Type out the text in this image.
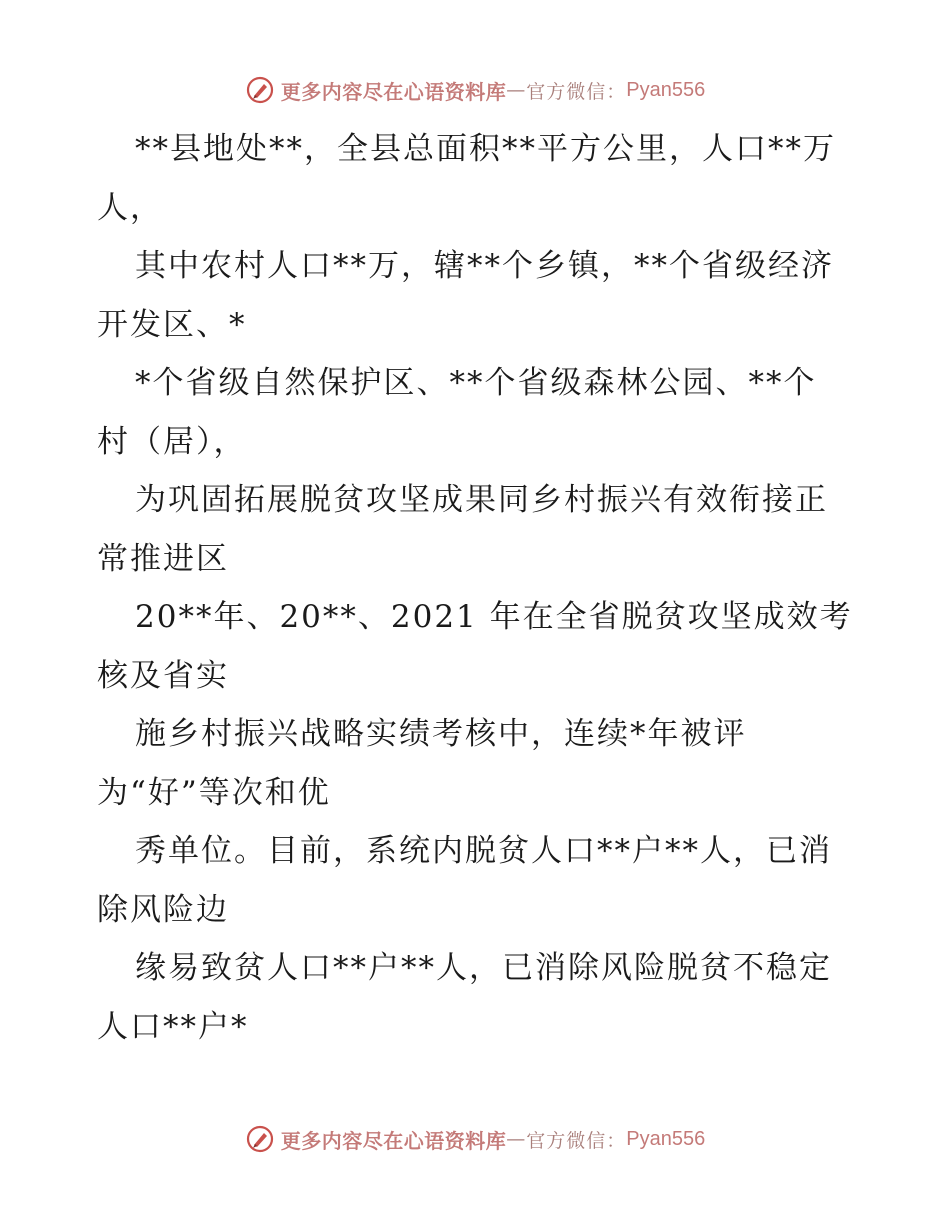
更多内容尽在心语资料库 — 官方微信： Pyan556
**县地处**，全县总面积**平方公里，人口**万
人，
其中农村人口**万，辖**个乡镇，**个省级经济
开发区、*
*个省级自然保护区、**个省级森林公园、**个
村（居），
为巩固拓展脱贫攻坚成果同乡村振兴有效衔接正
常推进区
20**年、20**、2021 年在全省脱贫攻坚成效考
核及省实
施乡村振兴战略实绩考核中，连续*年被评
为“好”等次和优
秀单位。目前，系统内脱贫人口**户**人，已消
除风险边
缘易致贫人口**户**人，已消除风险脱贫不稳定
人口**户*
更多内容尽在心语资料库 — 官方微信： Pyan556
